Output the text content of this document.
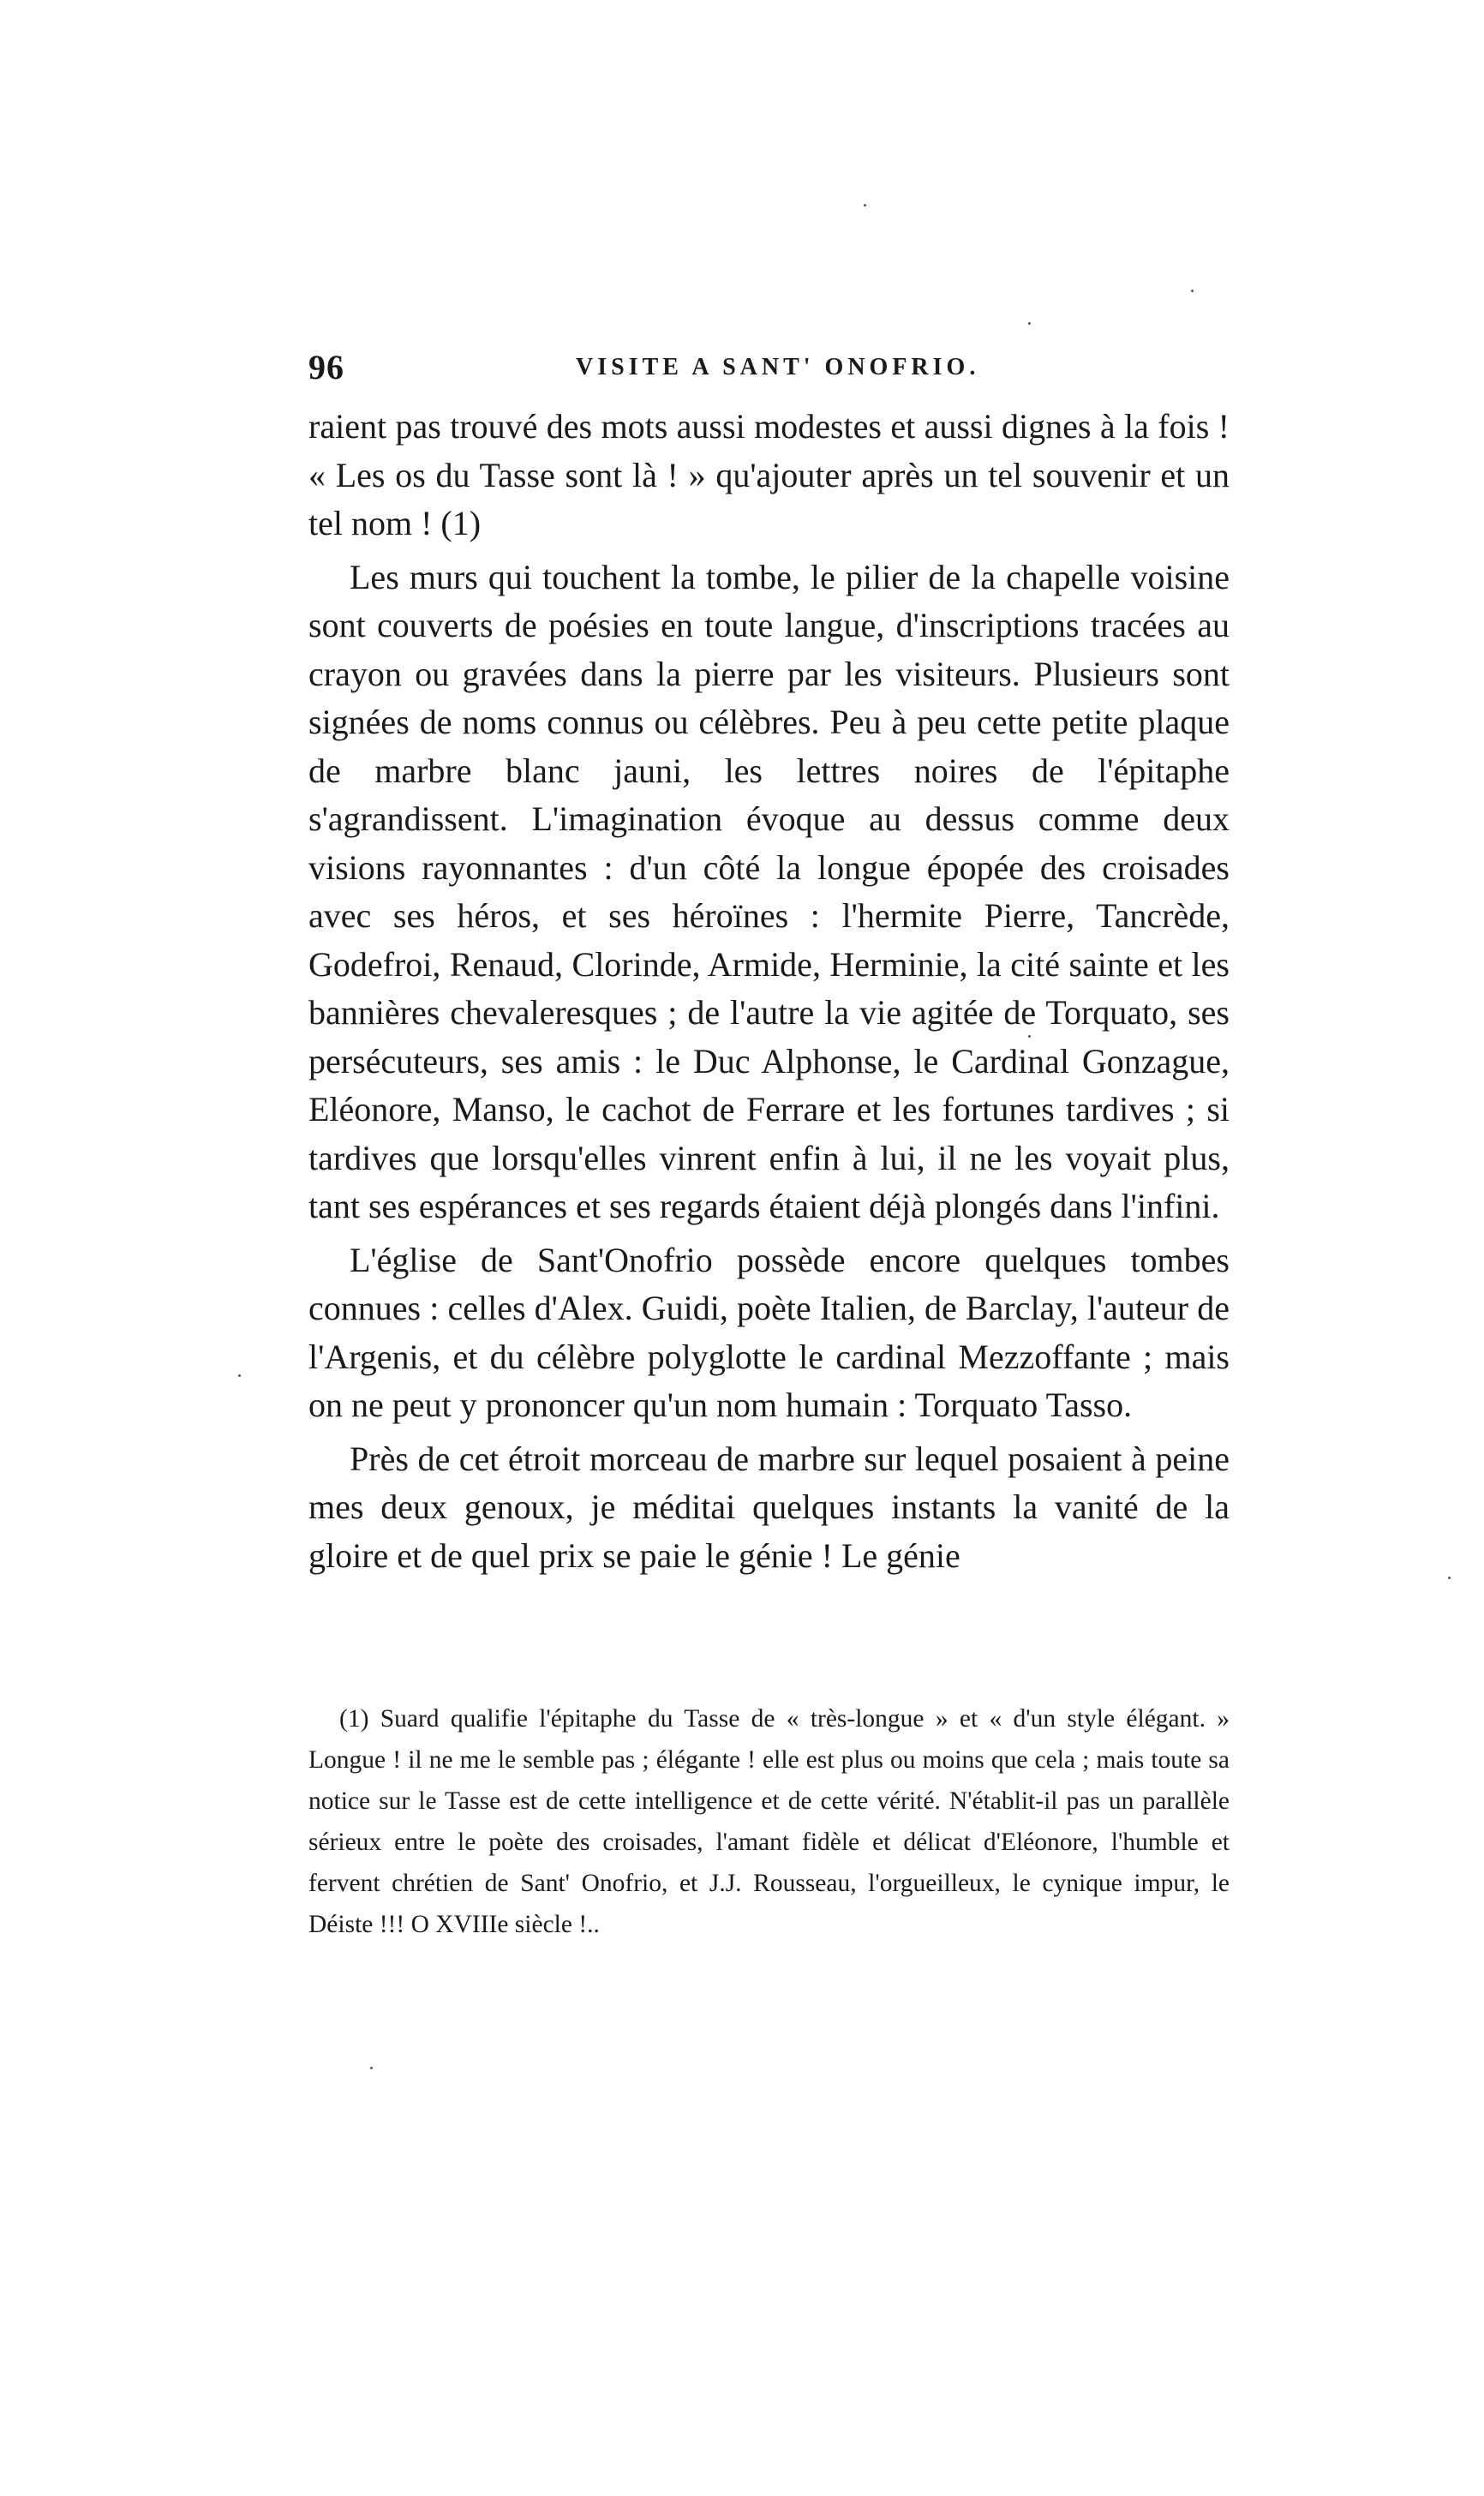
96	VISITE A SANT' ONOFRIO.

raient pas trouvé des mots aussi modestes et aussi dignes à la fois ! « Les os du Tasse sont là ! » qu'ajouter après un tel souvenir et un tel nom ! (1)

Les murs qui touchent la tombe, le pilier de la chapelle voisine sont couverts de poésies en toute langue, d'inscriptions tracées au crayon ou gravées dans la pierre par les visiteurs. Plusieurs sont signées de noms connus ou célèbres. Peu à peu cette petite plaque de marbre blanc jauni, les lettres noires de l'épitaphe s'agrandissent. L'imagination évoque au dessus comme deux visions rayonnantes : d'un côté la longue épopée des croisades avec ses héros, et ses héroïnes : l'hermite Pierre, Tancrède, Godefroi, Renaud, Clorinde, Armide, Herminie, la cité sainte et les bannières chevaleresques ; de l'autre la vie agitée de Torquato, ses persécuteurs, ses amis : le Duc Alphonse, le Cardinal Gonzague, Eléonore, Manso, le cachot de Ferrare et les fortunes tardives ; si tardives que lorsqu'elles vinrent enfin à lui, il ne les voyait plus, tant ses espérances et ses regards étaient déjà plongés dans l'infini.

L'église de Sant'Onofrio possède encore quelques tombes connues : celles d'Alex. Guidi, poète Italien, de Barclay, l'auteur de l'Argenis, et du célèbre polyglotte le cardinal Mezzoffante ; mais on ne peut y prononcer qu'un nom humain : Torquato Tasso.

Près de cet étroit morceau de marbre sur lequel posaient à peine mes deux genoux, je méditai quelques instants la vanité de la gloire et de quel prix se paie le génie ! Le génie

(1) Suard qualifie l'épitaphe du Tasse de « très-longue » et « d'un style élégant. » Longue ! il ne me le semble pas ; élégante ! elle est plus ou moins que cela ; mais toute sa notice sur le Tasse est de cette intelligence et de cette vérité. N'établit-il pas un parallèle sérieux entre le poète des croisades, l'amant fidèle et délicat d'Eléonore, l'humble et fervent chrétien de Sant' Onofrio, et J.J. Rousseau, l'orgueilleux, le cynique impur, le Déiste !!! O XVIIIe siècle !..
